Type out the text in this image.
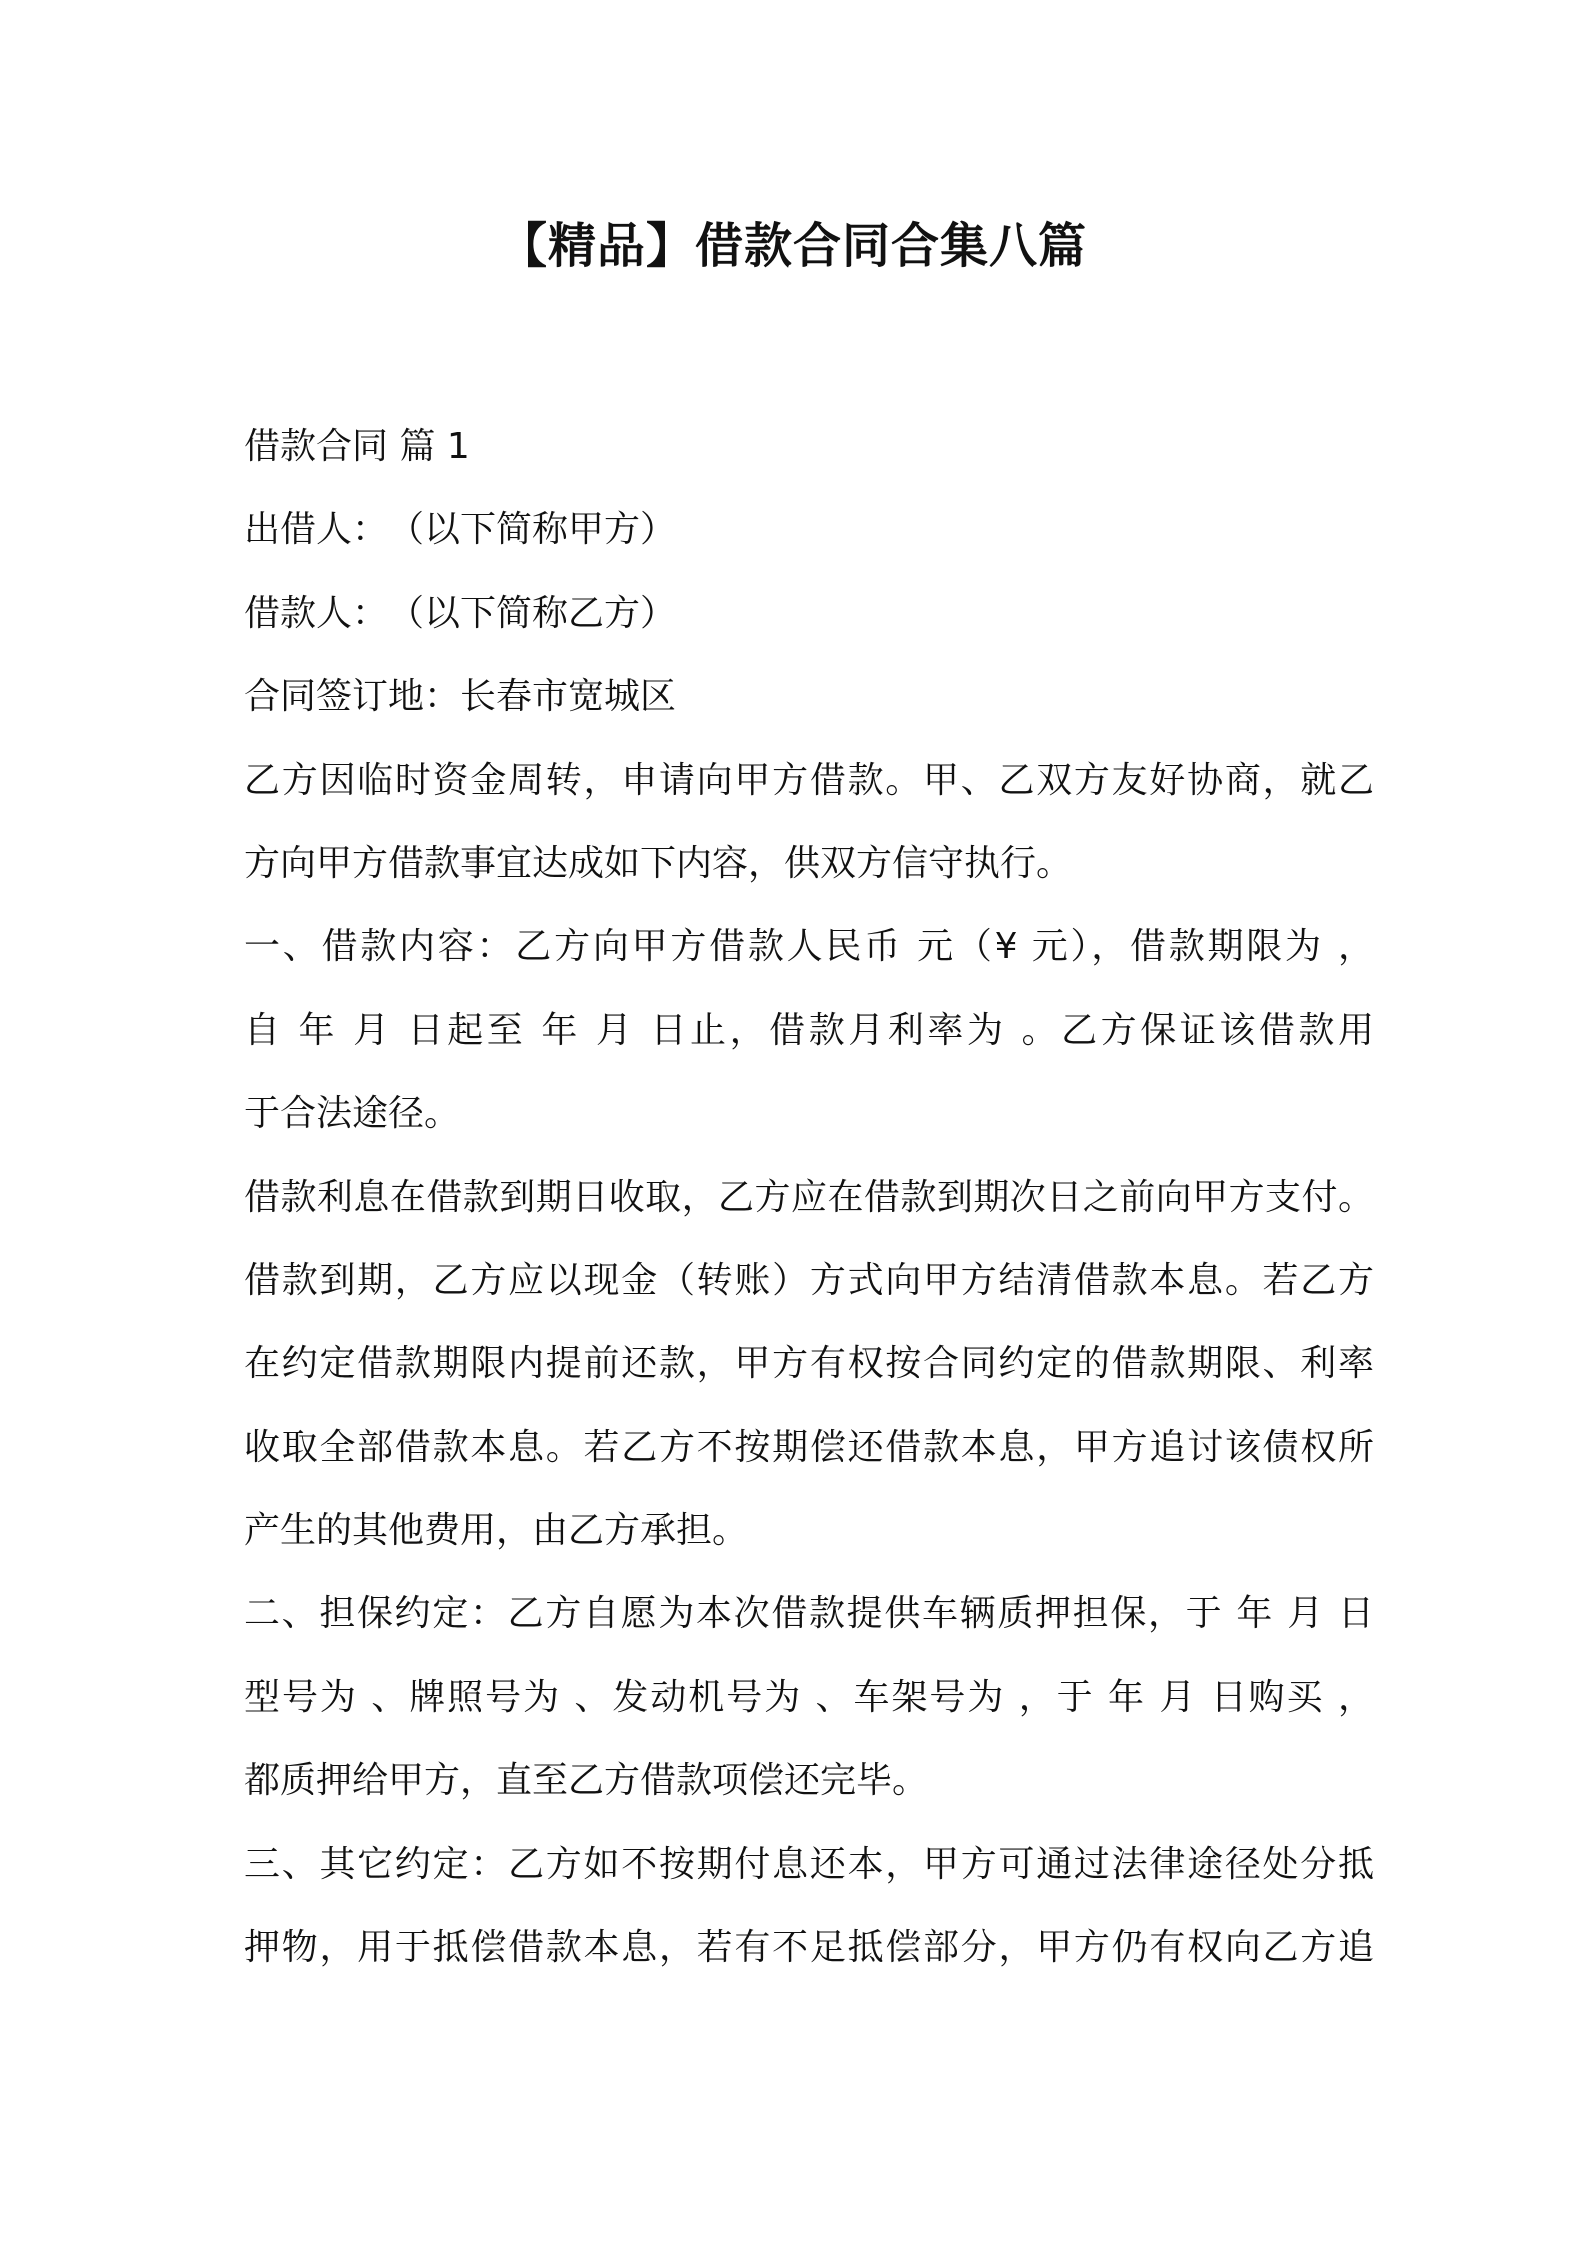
【精品】借款合同合集八篇
借款合同 篇 1
出借人：　（以下简称甲方）
借款人：　（以下简称乙方）
合同签订地：长春市宽城区
乙方因临时资金周转，申请向甲方借款。甲、乙双方友好协商，就乙
方向甲方借款事宜达成如下内容，供双方信守执行。
一、借款内容：乙方向甲方借款人民币 元（¥ 元），借款期限为 ，
自 年 月 日起至 年 月 日止，借款月利率为 。乙方保证该借款用
于合法途径。
借款利息在借款到期日收取，乙方应在借款到期次日之前向甲方支付。
借款到期，乙方应以现金（转账）方式向甲方结清借款本息。若乙方
在约定借款期限内提前还款，甲方有权按合同约定的借款期限、利率
收取全部借款本息。若乙方不按期偿还借款本息，甲方追讨该债权所
产生的其他费用，由乙方承担。
二、担保约定：乙方自愿为本次借款提供车辆质押担保，于 年 月 日
型号为 、牌照号为 、发动机号为 、车架号为 ，于 年 月 日购买 ，
都质押给甲方，直至乙方借款项偿还完毕。
三、其它约定：乙方如不按期付息还本，甲方可通过法律途径处分抵
押物，用于抵偿借款本息，若有不足抵偿部分，甲方仍有权向乙方追
